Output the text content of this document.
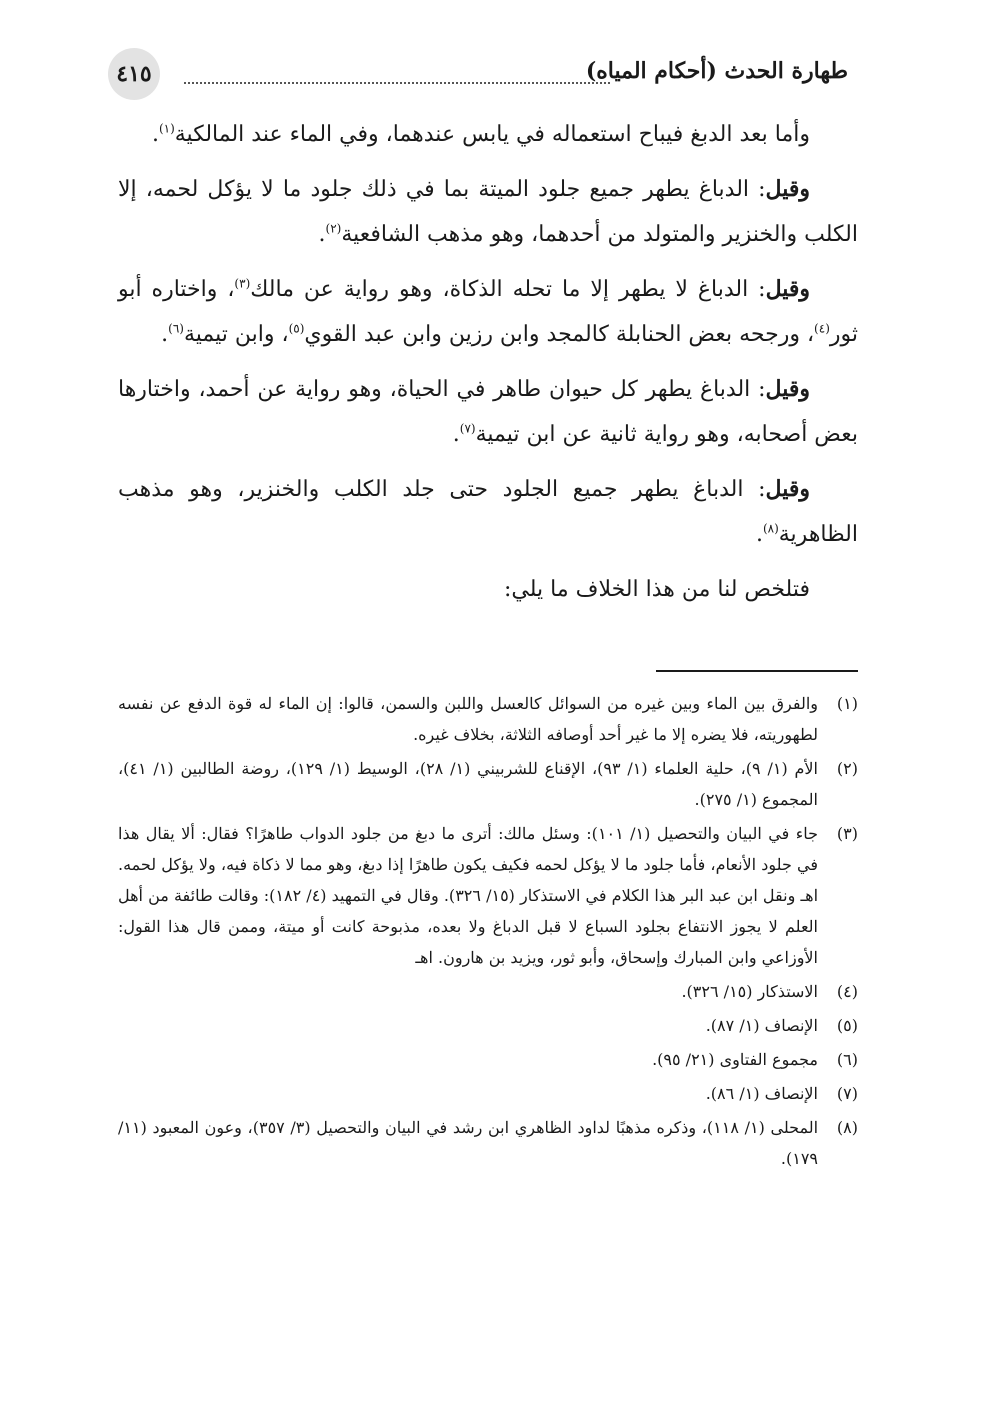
طهارة الحدث (أحكام المياه)
٤١٥

وأما بعد الدبغ فيباح استعماله في يابس عندهما، وفي الماء عند المالكية$^{(١)}$.

وقيل: الدباغ يطهر جميع جلود الميتة بما في ذلك جلود ما لا يؤكل لحمه، إلا الكلب والخنزير والمتولد من أحدهما، وهو مذهب الشافعية$^{(٢)}$.

وقيل: الدباغ لا يطهر إلا ما تحله الذكاة، وهو رواية عن مالك$^{(٣)}$، واختاره أبو ثور$^{(٤)}$، ورجحه بعض الحنابلة كالمجد وابن رزين وابن عبد القوي$^{(٥)}$، وابن تيمية$^{(٦)}$.

وقيل: الدباغ يطهر كل حيوان طاهر في الحياة، وهو رواية عن أحمد، واختارها بعض أصحابه، وهو رواية ثانية عن ابن تيمية$^{(٧)}$.

وقيل: الدباغ يطهر جميع الجلود حتى جلد الكلب والخنزير، وهو مذهب الظاهرية$^{(٨)}$.

فتلخص لنا من هذا الخلاف ما يلي:

(١)
والفرق بين الماء وبين غيره من السوائل كالعسل واللبن والسمن، قالوا: إن الماء له قوة الدفع عن نفسه لطهوريته، فلا يضره إلا ما غير أحد أوصافه الثلاثة، بخلاف غيره.
(٢)
الأم (١/ ٩)، حلية العلماء (١/ ٩٣)، الإقناع للشربيني (١/ ٢٨)، الوسيط (١/ ١٢٩)، روضة الطالبين (١/ ٤١)، المجموع (١/ ٢٧٥).
(٣)
جاء في البيان والتحصيل (١/ ١٠١): وسئل مالك: أترى ما دبغ من جلود الدواب طاهرًا؟ فقال: ألا يقال هذا في جلود الأنعام، فأما جلود ما لا يؤكل لحمه فكيف يكون طاهرًا إذا دبغ، وهو مما لا ذكاة فيه، ولا يؤكل لحمه. اهـ ونقل ابن عبد البر هذا الكلام في الاستذكار (١٥/ ٣٢٦). وقال في التمهيد (٤/ ١٨٢): وقالت طائفة من أهل العلم لا يجوز الانتفاع بجلود السباع لا قبل الدباغ ولا بعده، مذبوحة كانت أو ميتة، وممن قال هذا القول: الأوزاعي وابن المبارك وإسحاق، وأبو ثور، ويزيد بن هارون. اهـ
(٤)
الاستذكار (١٥/ ٣٢٦).
(٥)
الإنصاف (١/ ٨٧).
(٦)
مجموع الفتاوى (٢١/ ٩٥).
(٧)
الإنصاف (١/ ٨٦).
(٨)
المحلى (١/ ١١٨)، وذكره مذهبًا لداود الظاهري ابن رشد في البيان والتحصيل (٣/ ٣٥٧)، وعون المعبود (١١/ ١٧٩).
